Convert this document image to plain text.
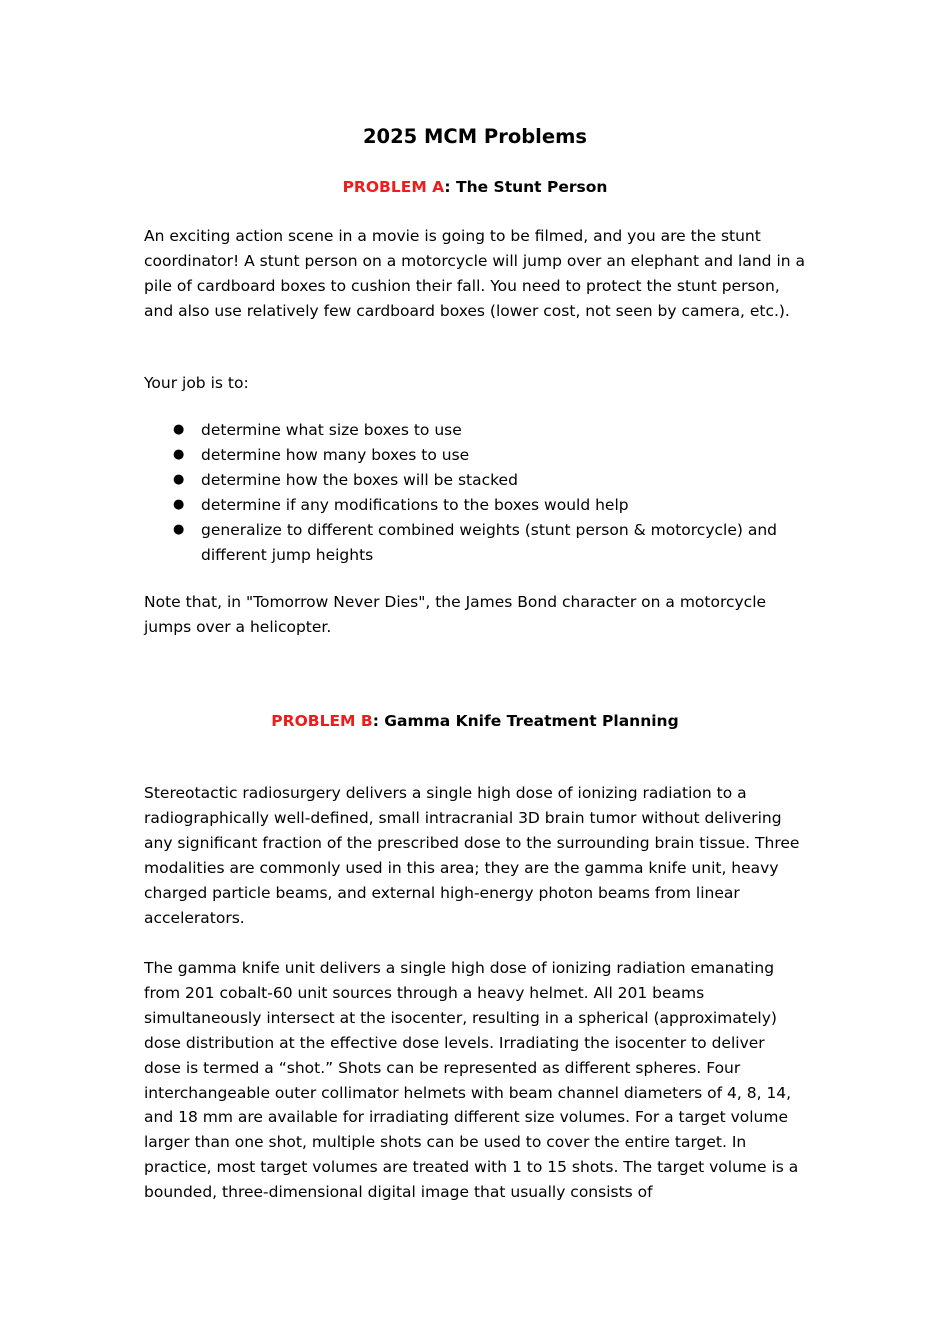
2025 MCM Problems
PROBLEM A: The Stunt Person

An exciting action scene in a movie is going to be filmed, and you are the stunt coordinator! A stunt person on a motorcycle will jump over an elephant and land in a pile of cardboard boxes to cushion their fall. You need to protect the stunt person, and also use relatively few cardboard boxes (lower cost, not seen by camera, etc.).

Your job is to:

● determine what size boxes to use
● determine how many boxes to use
● determine how the boxes will be stacked
● determine if any modifications to the boxes would help
● generalize to different combined weights (stunt person & motorcycle) and different jump heights

Note that, in "Tomorrow Never Dies", the James Bond character on a motorcycle jumps over a helicopter.

PROBLEM B: Gamma Knife Treatment Planning

Stereotactic radiosurgery delivers a single high dose of ionizing radiation to a radiographically well-defined, small intracranial 3D brain tumor without delivering any significant fraction of the prescribed dose to the surrounding brain tissue. Three modalities are commonly used in this area; they are the gamma knife unit, heavy charged particle beams, and external high-energy photon beams from linear accelerators.

The gamma knife unit delivers a single high dose of ionizing radiation emanating from 201 cobalt-60 unit sources through a heavy helmet. All 201 beams simultaneously intersect at the isocenter, resulting in a spherical (approximately) dose distribution at the effective dose levels. Irradiating the isocenter to deliver dose is termed a “shot.” Shots can be represented as different spheres. Four interchangeable outer collimator helmets with beam channel diameters of 4, 8, 14, and 18 mm are available for irradiating different size volumes. For a target volume larger than one shot, multiple shots can be used to cover the entire target. In practice, most target volumes are treated with 1 to 15 shots. The target volume is a bounded, three-dimensional digital image that usually consists of
